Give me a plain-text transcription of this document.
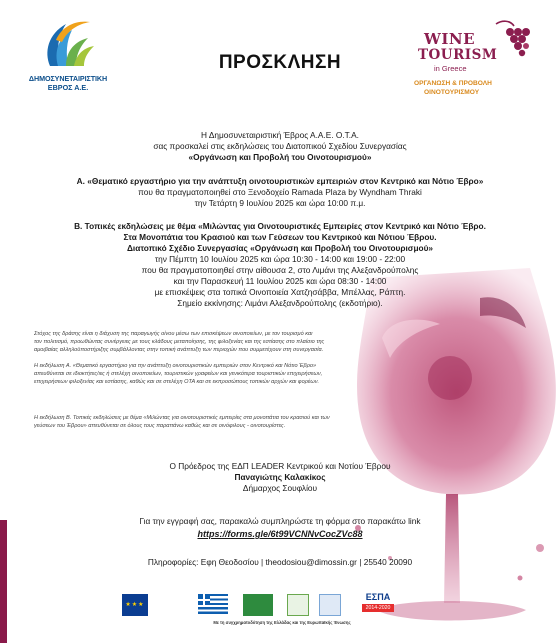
ΔΗΜΟΣΥΝΕΤΑΙΡΙΣΤΙΚΗ
ΕΒΡΟΣ Α.Ε.
ΠΡΟΣΚΛΗΣΗ
WINE
TOURISM
in Greece
ΟΡΓΑΝΩΣΗ & ΠΡΟΒΟΛΗ
ΟΙΝΟΤΟΥΡΙΣΜΟΥ
Η Δημοσυνεταιριστική Έβρος Α.Α.Ε. Ο.Τ.Α.
σας προσκαλεί στις εκδηλώσεις του Διατοπικού Σχεδίου Συνεργασίας
«Οργάνωση και Προβολή του Οινοτουρισμού»
Α. «Θεματικό εργαστήριο για την ανάπτυξη οινοτουριστικών εμπειριών στον Κεντρικό και Νότιο Έβρο»
που θα πραγματοποιηθεί στο Ξενοδοχείο Ramada Plaza by Wyndham Thraki
την Τετάρτη 9 Ιουλίου 2025 και ώρα 10:00 π.μ.
Β. Τοπικές εκδηλώσεις με θέμα «Μιλώντας για Οινοτουριστικές Εμπειρίες στον Κεντρικό και Νότιο Έβρο.
Στα Μονοπάτια του Κρασιού και των Γεύσεων του Κεντρικού και Νότιου Έβρου.
Διατοπικό Σχέδιο Συνεργασίας «Οργάνωση και Προβολή του Οινοτουρισμού»
την Πέμπτη 10 Ιουλίου 2025 και ώρα 10:30 - 14:00 και 19:00 - 22:00
που θα πραγματοποιηθεί στην αίθουσα 2, στο Λιμάνι της Αλεξανδρούπολης
και την Παρασκευή 11 Ιουλίου 2025 και ώρα 08:30 - 14:00
με επισκέψεις στα τοπικά Οινοποιεία Χατζησάββα, Μπέλλας, Ράπτη.
Σημείο εκκίνησης: Λιμάνι Αλεξανδρούπολης (εκδοτήριο).
Στόχος της δράσης είναι η διάχυση της παραγωγής οίνου μέσω των επισκέψεων οινοποιείων, με τον τουρισμό και
τον πολιτισμό, προωθώντας συνέργειες με τους κλάδους μεταποίησης, της φιλοξενίας και της εστίασης στο πλαίσιο της
αμοιβαίας αλληλοϋποστήριξης συμβάλλοντας στην τοπική ανάπτυξη των περιοχών που συμμετέχουν στη συνεργασία.
Η εκδήλωση Α. «Θεματικό εργαστήριο για την ανάπτυξη οινοτουριστικών εμπειριών στον Κεντρικό και Νότιο Έβρο»
απευθύνεται σε ιδιοκτήτες/ιες ή στελέχη οινοποιείων, τουριστικών γραφείων και γενικότερα τουριστικών επιχειρήσεων,
επιχειρήσεων φιλοξενίας και εστίασης, καθώς και σε στελέχη ΟΤΑ και σε εκπροσώπους τοπικών αρχών και φορέων.
Η εκδήλωση Β. Τοπικές εκδηλώσεις με θέμα «Μιλώντας για οινοτουριστικές εμπειρίες στα μονοπάτια του κρασιού και των
γεύσεων του Έβρου» απευθύνεται σε όλους τους παραπάνω καθώς και σε οινόφιλους - οινοτουρίστες.
Ο Πρόεδρος της ΕΔΠ LEADER Κεντρικού και Νοτίου Έβρου
Παναγιώτης Καλακίκος
Δήμαρχος Σουφλίου
Για την εγγραφή σας, παρακαλώ συμπληρώστε τη φόρμα στο παρακάτω link
https://forms.gle/6t99VCNNvCocZVc88
Πληροφορίες: Εφη Θεοδοσίου | theodosiou@dimossin.gr | 25540 20090
★★★
ΕΣΠΑ
2014-2020
Με τη συγχρηματοδότηση της Ελλάδας και της Ευρωπαϊκής Ένωσης
